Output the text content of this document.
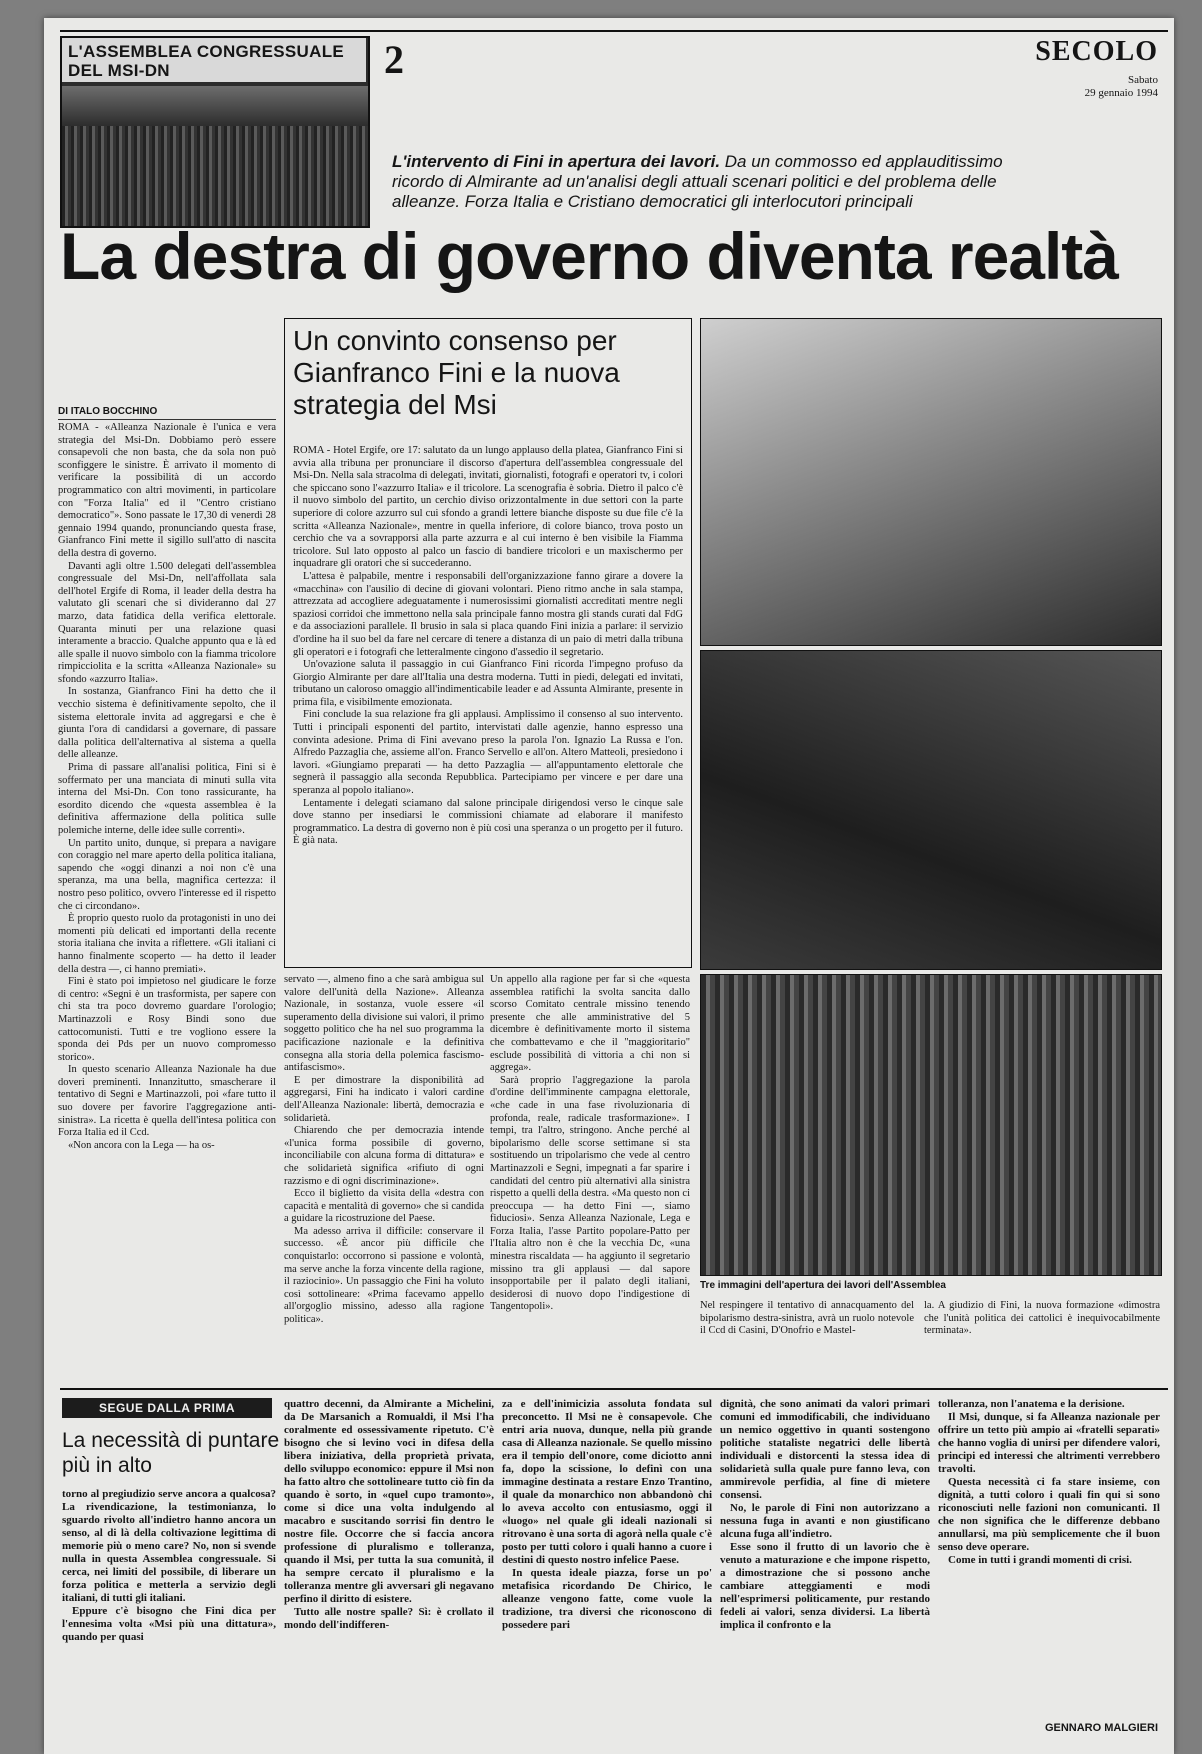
L'ASSEMBLEA CONGRESSUALE DEL MSI-DN	2	SECOLO
Sabato
29 gennaio 1994
L'intervento di Fini in apertura dei lavori. Da un commosso ed applauditissimo ricordo di Almirante ad un'analisi degli attuali scenari politici e del problema delle alleanze. Forza Italia e Cristiano democratici gli interlocutori principali
La destra di governo diventa realtà
DI ITALO BOCCHINO

ROMA - «Alleanza Nazionale è l'unica e vera strategia del Msi-Dn. Dobbiamo però essere consapevoli che non basta, che da sola non può sconfiggere le sinistre. È arrivato il momento di verificare la possibilità di un accordo programmatico con altri movimenti, in particolare con "Forza Italia" ed il "Centro cristiano democratico"». Sono passate le 17,30 di venerdì 28 gennaio 1994 quando, pronunciando questa frase, Gianfranco Fini mette il sigillo sull'atto di nascita della destra di governo.

Davanti agli oltre 1.500 delegati dell'assemblea congressuale del Msi-Dn, nell'affollata sala dell'hotel Ergife di Roma, il leader della destra ha valutato gli scenari che si divideranno dal 27 marzo, data fatidica della verifica elettorale. Quaranta minuti per una relazione quasi interamente a braccio. Qualche appunto qua e là ed alle spalle il nuovo simbolo con la fiamma tricolore rimpicciolita e la scritta «Alleanza Nazionale» su sfondo «azzurro Italia».

In sostanza, Gianfranco Fini ha detto che il vecchio sistema è definitivamente sepolto, che il sistema elettorale invita ad aggregarsi e che è giunta l'ora di candidarsi a governare, di passare dalla politica dell'alternativa al sistema a quella delle alleanze.

Prima di passare all'analisi politica, Fini si è soffermato per una manciata di minuti sulla vita interna del Msi-Dn. Con tono rassicurante, ha esordito dicendo che «questa assemblea è la definitiva affermazione della politica sulle polemiche interne, delle idee sulle correnti».

Un partito unito, dunque, si prepara a navigare con coraggio nel mare aperto della politica italiana, sapendo che «oggi dinanzi a noi non c'è una speranza, ma una bella, magnifica certezza: il nostro peso politico, ovvero l'interesse ed il rispetto che ci circondano».

È proprio questo ruolo da protagonisti in uno dei momenti più delicati ed importanti della recente storia italiana che invita a riflettere. «Gli italiani ci hanno finalmente scoperto — ha detto il leader della destra —, ci hanno premiati».

Fini è stato poi impietoso nel giudicare le forze di centro: «Segni è un trasformista, per sapere con chi sta tra poco dovremo guardare l'orologio; Martinazzoli e Rosy Bindi sono due cattocomunisti. Tutti e tre vogliono essere la sponda dei Pds per un nuovo compromesso storico».

In questo scenario Alleanza Nazionale ha due doveri preminenti. Innanzitutto, smascherare il tentativo di Segni e Martinazzoli, poi «fare tutto il suo dovere per favorire l'aggregazione anti-sinistra». La ricetta è quella dell'intesa politica con Forza Italia ed il Ccd.

«Non ancora con la Lega — ha os-

Un convinto consenso per Gianfranco Fini e la nuova strategia del Msi

ROMA - Hotel Ergife, ore 17: salutato da un lungo applauso della platea, Gianfranco Fini si avvia alla tribuna per pronunciare il discorso d'apertura dell'assemblea congressuale del Msi-Dn. Nella sala stracolma di delegati, invitati, giornalisti, fotografi e operatori tv, i colori che spiccano sono l'«azzurro Italia» e il tricolore. La scenografia è sobria. Dietro il palco c'è il nuovo simbolo del partito, un cerchio diviso orizzontalmente in due settori con la parte superiore di colore azzurro sul cui sfondo a grandi lettere bianche disposte su due file c'è la scritta «Alleanza Nazionale», mentre in quella inferiore, di colore bianco, trova posto un cerchio che va a sovrapporsi alla parte azzurra e al cui interno è ben visibile la Fiamma tricolore. Sul lato opposto al palco un fascio di bandiere tricolori e un maxischermo per inquadrare gli oratori che si succederanno.

L'attesa è palpabile, mentre i responsabili dell'organizzazione fanno girare a dovere la «macchina» con l'ausilio di decine di giovani volontari. Pieno ritmo anche in sala stampa, attrezzata ad accogliere adeguatamente i numerosissimi giornalisti accreditati mentre negli spaziosi corridoi che immettono nella sala principale fanno mostra gli stands curati dal FdG e da associazioni parallele. Il brusio in sala si placa quando Fini inizia a parlare: il servizio d'ordine ha il suo bel da fare nel cercare di tenere a distanza di un paio di metri dalla tribuna gli operatori e i fotografi che letteralmente cingono d'assedio il segretario.

Un'ovazione saluta il passaggio in cui Gianfranco Fini ricorda l'impegno profuso da Giorgio Almirante per dare all'Italia una destra moderna. Tutti in piedi, delegati ed invitati, tributano un caloroso omaggio all'indimenticabile leader e ad Assunta Almirante, presente in prima fila, e visibilmente emozionata.

Fini conclude la sua relazione fra gli applausi. Amplissimo il consenso al suo intervento. Tutti i principali esponenti del partito, intervistati dalle agenzie, hanno espresso una convinta adesione. Prima di Fini avevano preso la parola l'on. Ignazio La Russa e l'on. Alfredo Pazzaglia che, assieme all'on. Franco Servello e all'on. Altero Matteoli, presiedono i lavori. «Giungiamo preparati — ha detto Pazzaglia — all'appuntamento elettorale che segnerà il passaggio alla seconda Repubblica. Partecipiamo per vincere e per dare una speranza al popolo italiano».

Lentamente i delegati sciamano dal salone principale dirigendosi verso le cinque sale dove stanno per insediarsi le commissioni chiamate ad elaborare il manifesto programmatico. La destra di governo non è più così una speranza o un progetto per il futuro. È già nata.

servato —, almeno fino a che sarà ambigua sul valore dell'unità della Nazione». Alleanza Nazionale, in sostanza, vuole essere «il superamento della divisione sui valori, il primo soggetto politico che ha nel suo programma la pacificazione nazionale e la definitiva consegna alla storia della polemica fascismo-antifascismo».

E per dimostrare la disponibilità ad aggregarsi, Fini ha indicato i valori cardine dell'Alleanza Nazionale: libertà, democrazia e solidarietà.

Chiarendo che per democrazia intende «l'unica forma possibile di governo, inconciliabile con alcuna forma di dittatura» e che solidarietà significa «rifiuto di ogni razzismo e di ogni discriminazione».

Ecco il biglietto da visita della «destra con capacità e mentalità di governo» che si candida a guidare la ricostruzione del Paese.

Ma adesso arriva il difficile: conservare il successo. «È ancor più difficile che conquistarlo: occorrono si passione e volontà, ma serve anche la forza vincente della ragione, il raziocinio». Un passaggio che Fini ha voluto così sottolineare: «Prima facevamo appello all'orgoglio missino, adesso alla ragione politica».

Un appello alla ragione per far sì che «questa assemblea ratifichi la svolta sancita dallo scorso Comitato centrale missino tenendo presente che alle amministrative del 5 dicembre è definitivamente morto il sistema che combattevamo e che il "maggioritario" esclude possibilità di vittoria a chi non si aggrega».

Sarà proprio l'aggregazione la parola d'ordine dell'imminente campagna elettorale, «che cade in una fase rivoluzionaria di profonda, reale, radicale trasformazione». I tempi, tra l'altro, stringono. Anche perché al bipolarismo delle scorse settimane si sta sostituendo un tripolarismo che vede al centro Martinazzoli e Segni, impegnati a far sparire i candidati del centro più alternativi alla sinistra rispetto a quelli della destra. «Ma questo non ci preoccupa — ha detto Fini —, siamo fiduciosi». Senza Alleanza Nazionale, Lega e Forza Italia, l'asse Partito popolare-Patto per l'Italia altro non è che la vecchia Dc, «una minestra riscaldata — ha aggiunto il segretario missino tra gli applausi — dal sapore insopportabile per il palato degli italiani, desiderosi di nuovo dopo l'indigestione di Tangentopoli».

Tre immagini dell'apertura dei lavori dell'Assemblea

Nel respingere il tentativo di annacquamento del bipolarismo destra-sinistra, avrà un ruolo notevole il Ccd di Casini, D'Onofrio e Mastel-

la. A giudizio di Fini, la nuova formazione «dimostra che l'unità politica dei cattolici è inequivocabilmente terminata».

SEGUE DALLA PRIMA
La necessità di puntare più in alto

torno al pregiudizio serve ancora a qualcosa? La rivendicazione, la testimonianza, lo sguardo rivolto all'indietro hanno ancora un senso, al di là della coltivazione legittima di memorie più o meno care? No, non si svende nulla in questa Assemblea congressuale. Si cerca, nei limiti del possibile, di liberare un forza politica e metterla a servizio degli italiani, di tutti gli italiani.

Eppure c'è bisogno che Fini dica per l'ennesima volta «Msi più una dittatura», quando per quasi

quattro decenni, da Almirante a Michelini, da De Marsanich a Romualdi, il Msi l'ha coralmente ed ossessivamente ripetuto. C'è bisogno che si levino voci in difesa della libera iniziativa, della proprietà privata, dello sviluppo economico: eppure il Msi non ha fatto altro che sottolineare tutto ciò fin da quando è sorto, in «quel cupo tramonto», come si dice una volta indulgendo al macabro e suscitando sorrisi fin dentro le nostre file. Occorre che si faccia ancora professione di pluralismo e tolleranza, quando il Msi, per tutta la sua comunità, il ha sempre cercato il pluralismo e la tolleranza mentre gli avversari gli negavano perfino il diritto di esistere.

Tutto alle nostre spalle? Sì: è crollato il mondo dell'indifferen-

za e dell'inimicizia assoluta fondata sul preconcetto. Il Msi ne è consapevole. Che entri aria nuova, dunque, nella più grande casa di Alleanza nazionale. Se quello missino era il tempio dell'onore, come diciotto anni fa, dopo la scissione, lo definì con una immagine destinata a restare Enzo Trantino, il quale da monarchico non abbandonò chi lo aveva accolto con entusiasmo, oggi il «luogo» nel quale gli ideali nazionali si ritrovano è una sorta di agorà nella quale c'è posto per tutti coloro i quali hanno a cuore i destini di questo nostro infelice Paese.

In questa ideale piazza, forse un po' metafisica ricordando De Chirico, le alleanze vengono fatte, come vuole la tradizione, tra diversi che riconoscono di possedere pari

dignità, che sono animati da valori primari comuni ed immodificabili, che individuano un nemico oggettivo in quanti sostengono politiche stataliste negatrici delle libertà individuali e distorcenti la stessa idea di solidarietà sulla quale pure fanno leva, con ammirevole perfidia, al fine di mietere consensi.

No, le parole di Fini non autorizzano a nessuna fuga in avanti e non giustificano alcuna fuga all'indietro.

Esse sono il frutto di un lavorio che è venuto a maturazione e che impone rispetto, a dimostrazione che si possono anche cambiare atteggiamenti e modi nell'esprimersi politicamente, pur restando fedeli ai valori, senza dividersi. La libertà implica il confronto e la

tolleranza, non l'anatema e la derisione.

Il Msi, dunque, si fa Alleanza nazionale per offrire un tetto più ampio ai «fratelli separati» che hanno voglia di unirsi per difendere valori, principi ed interessi che altrimenti verrebbero travolti.

Questa necessità ci fa stare insieme, con dignità, a tutti coloro i quali fin qui si sono riconosciuti nelle fazioni non comunicanti. Il che non significa che le differenze debbano annullarsi, ma più semplicemente che il buon senso deve operare.

Come in tutti i grandi momenti di crisi.

GENNARO MALGIERI
